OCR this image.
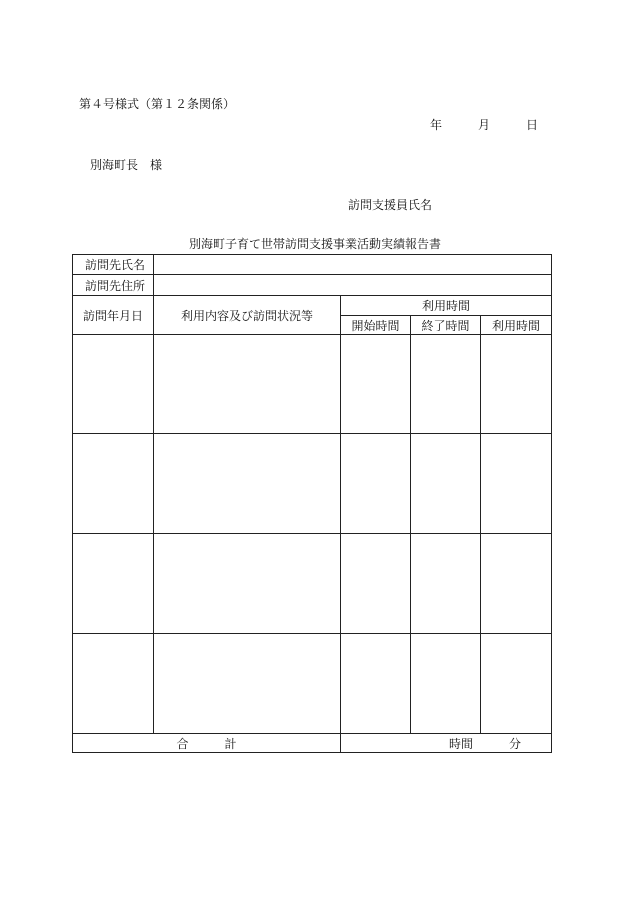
第４号様式（第１２条関係）
年	月	日
別海町長　様
訪問支援員氏名
別海町子育て世帯訪問支援事業活動実績報告書
訪問先氏名				
訪問先住所				
訪問年月日	利用内容及び訪問状況等	利用時間		
		開始時間	終了時間	利用時間

合 計		時間 分		
